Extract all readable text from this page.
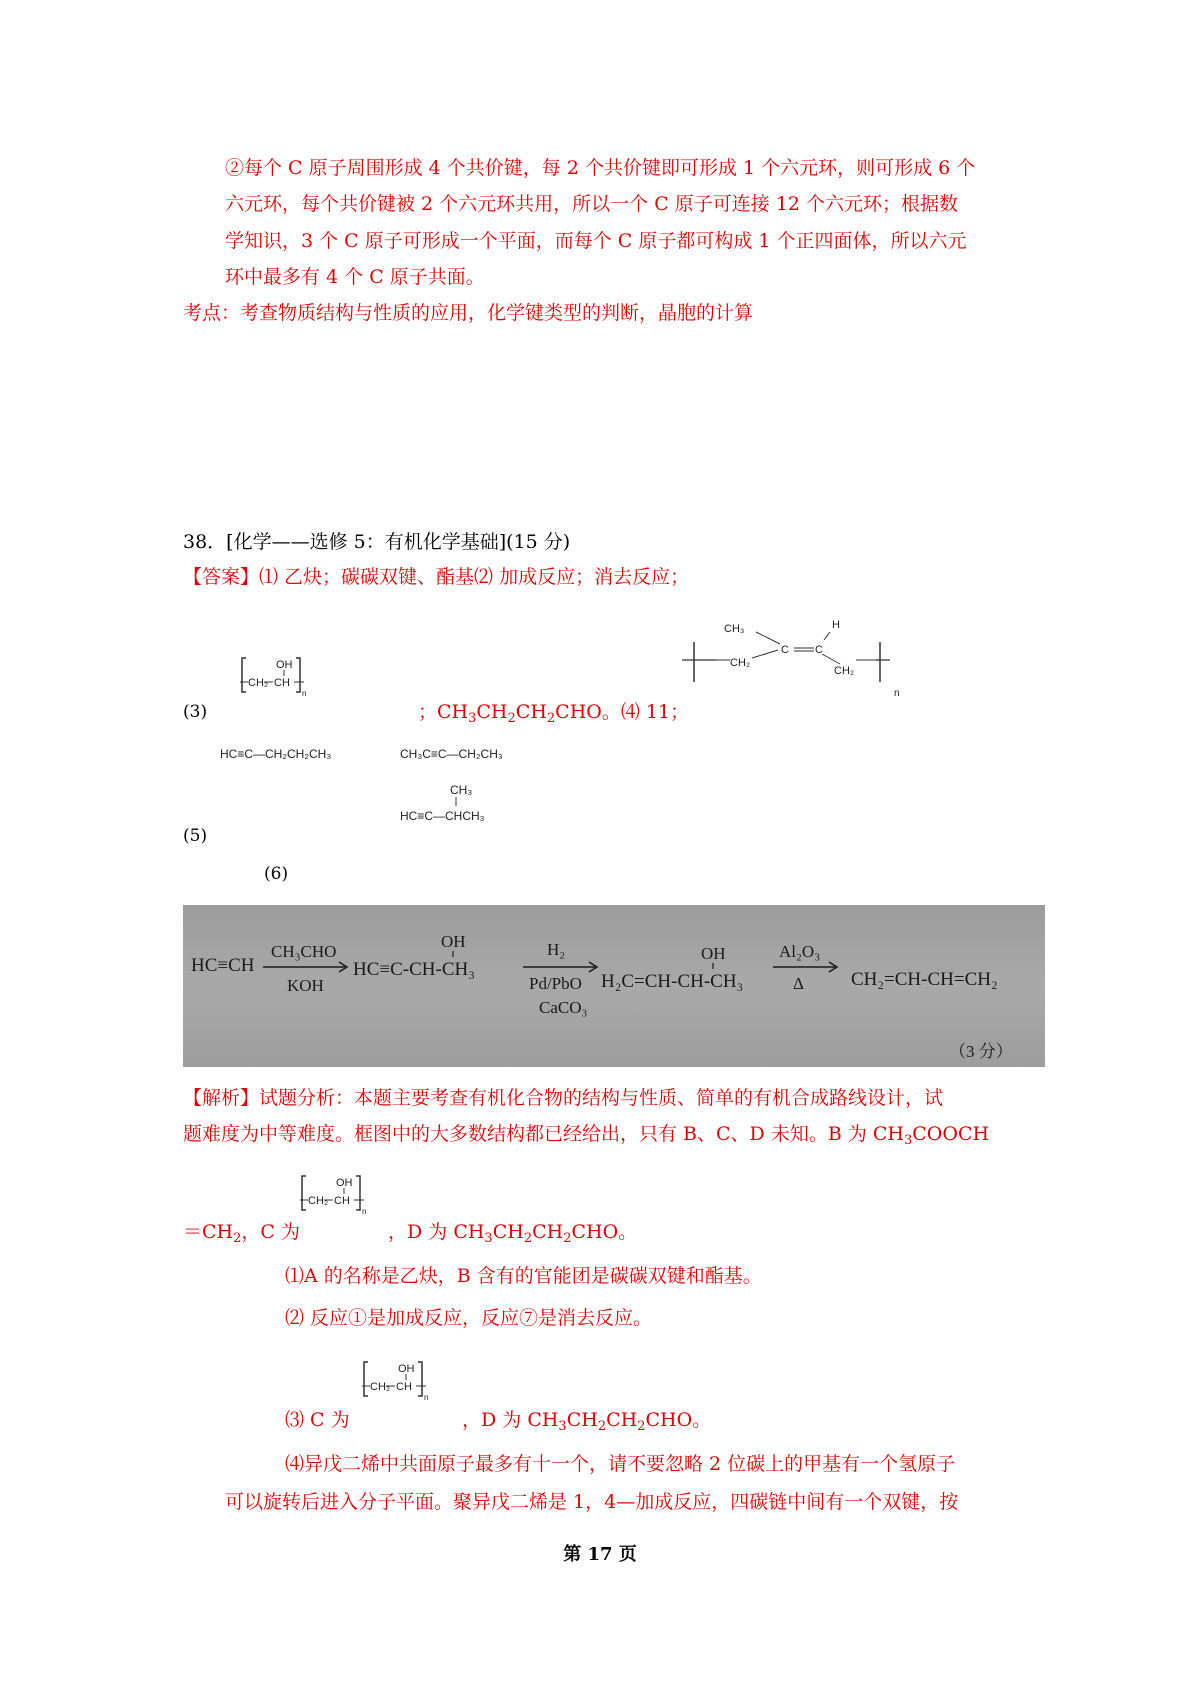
②每个 C 原子周围形成 4 个共价键，每 2 个共价键即可形成 1 个六元环，则可形成 6 个
六元环，每个共价键被 2 个六元环共用，所以一个 C 原子可连接 12 个六元环；根据数
学知识，3 个 C 原子可形成一个平面，而每个 C 原子都可构成 1 个正四面体，所以六元
环中最多有 4 个 C 原子共面。
考点：考查物质结构与性质的应用，化学键类型的判断，晶胞的计算
38．[化学——选修 5：有机化学基础](15 分)
【答案】⑴ 乙炔；碳碳双键、酯基⑵ 加成反应；消去反应；
OH
CH₂ CH
n
(3)	；$CH_3CH_2CH_2CHO$。⑷ 11；
CH₃	H
C C
CH₂
CH₂
n
HC≡C—CH₂CH₂CH₃	CH₃C≡C—CH₂CH₃
CH₃
HC≡C—CHCH₃
(5)
(6)
HC≡CH
CH₃CHO
KOH
OH
HC≡C-CH-CH₃
H₂
Pd/PbO
CaCO₃
OH
H₂C=CH-CH-CH₃
Al₂O₃
Δ CH₂=CH-CH=CH₂
（3 分）
【解析】试题分析：本题主要考查有机化合物的结构与性质、简单的有机合成路线设计，试
题难度为中等难度。框图中的大多数结构都已经给出，只有 B、C、D 未知。B 为 $CH_3COOCH$
OH
CH₂ CH
n
$=CH_2$，C 为	，D 为 $CH_3CH_2CH_2CHO$。
⑴A 的名称是乙炔，B 含有的官能团是碳碳双键和酯基。
⑵ 反应①是加成反应，反应⑦是消去反应。
OH
CH₂ CH
n
⑶ C 为	，D 为 $CH_3CH_2CH_2CHO$。
⑷异戊二烯中共面原子最多有十一个，请不要忽略 2 位碳上的甲基有一个氢原子
可以旋转后进入分子平面。聚异戊二烯是 1，4—加成反应，四碳链中间有一个双键，按
第 17 页
